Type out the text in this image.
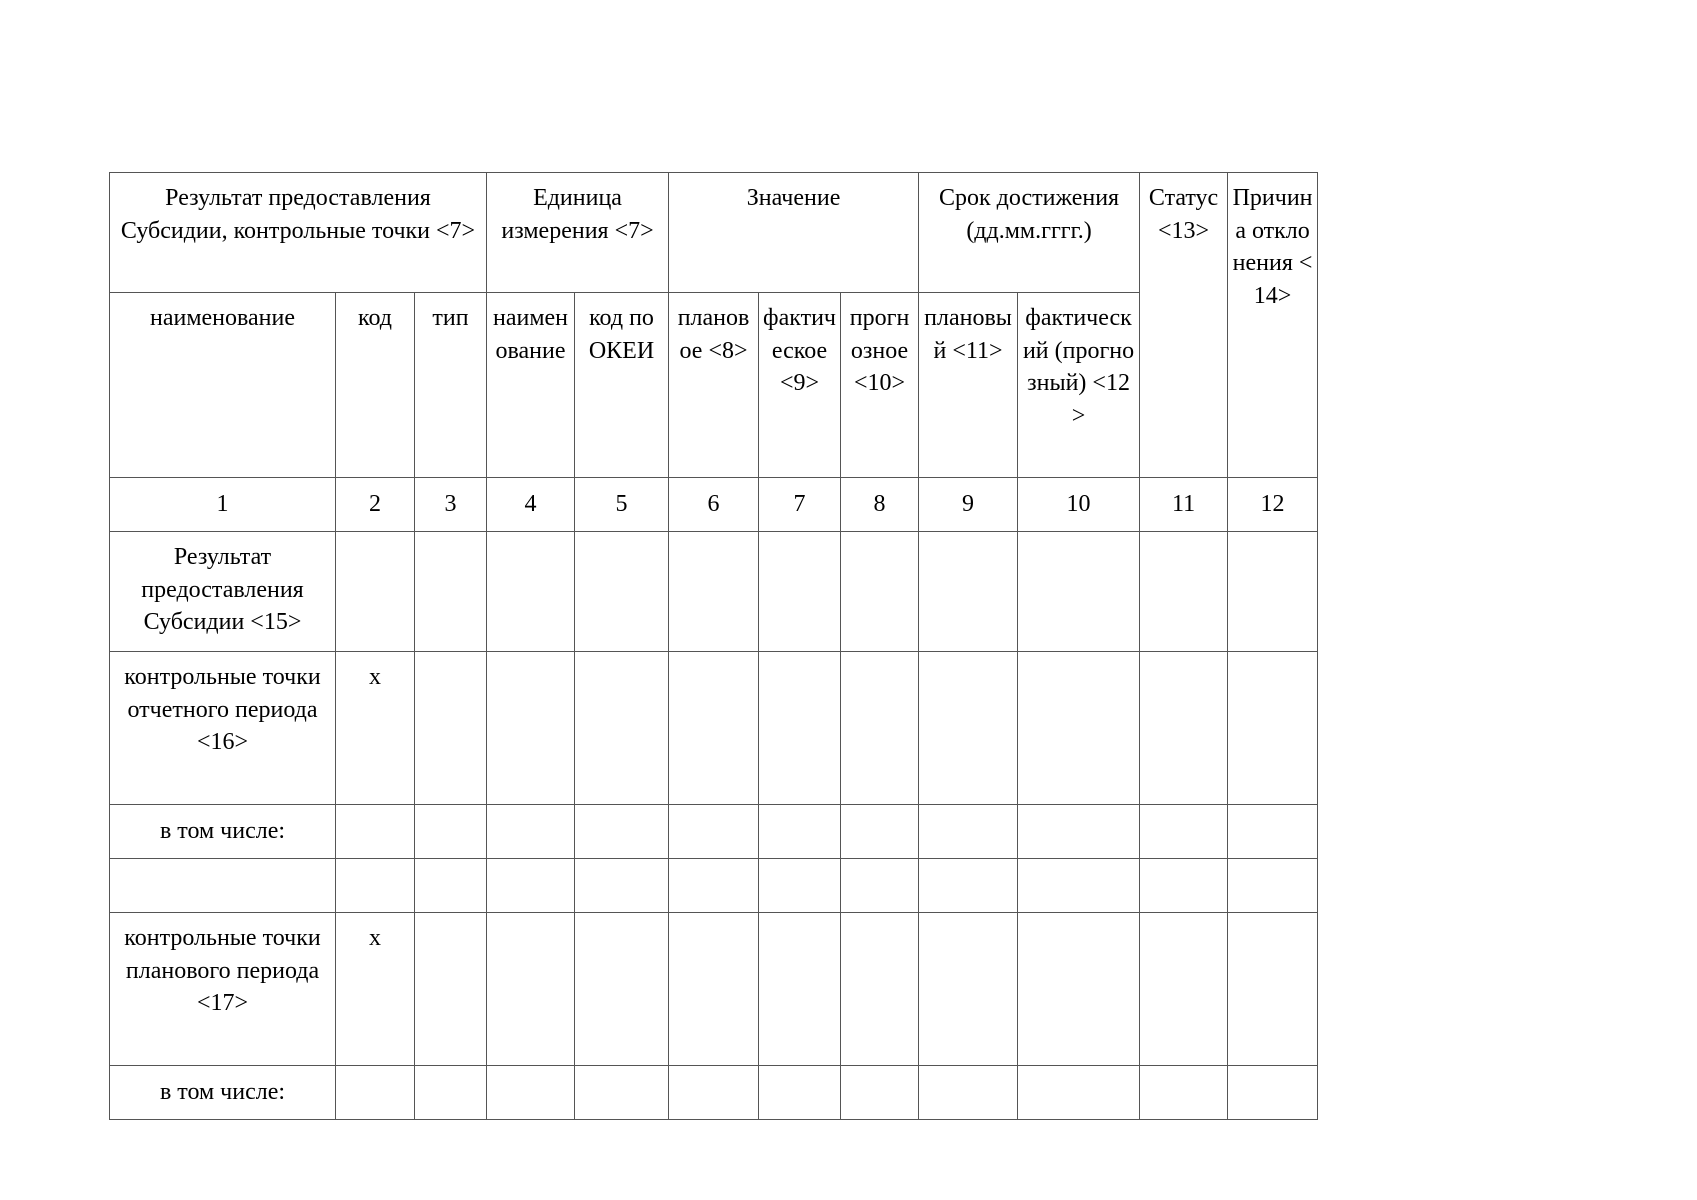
Результат предоставления Субсидии, контрольные точки <7>			Единица измерения <7>		Значение			Срок достижения (дд.мм.гггг.)		Статус <13>	Причина отклонения <14>

наименование	код	тип	наименование	код по ОКЕИ	плановое <8>	фактическое <9>	прогнозное <10>	плановый <11>	фактический (прогнозный) <12>		
1	2	3	4	5	6	7	8	9	10	11	12
Результат предоставления Субсидии <15>											
контрольные точки отчетного периода <16>	x										
в том числе:											

контрольные точки планового периода <17>	x										
в том числе:											
